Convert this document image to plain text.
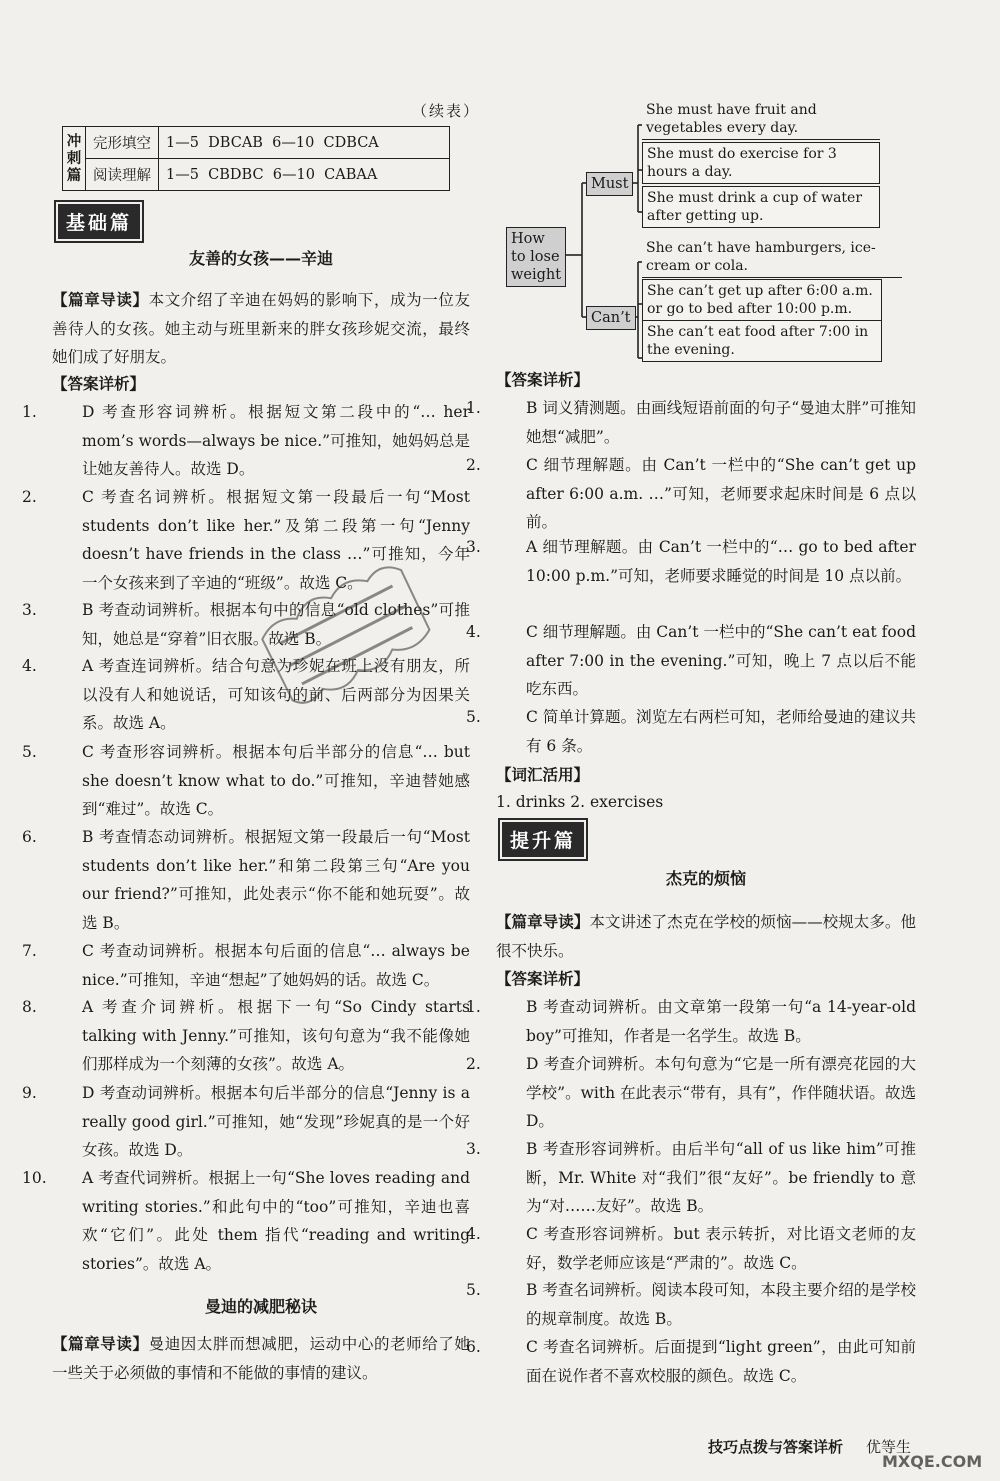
（续表）
冲刺篇	完形填空	1—5  DBCAB  6—10  CDBCA
	阅读理解	1—5  CBDBC  6—10  CABAA
基础篇
友善的女孩——辛迪
【篇章导读】本文介绍了辛迪在妈妈的影响下，成为一位友善待人的女孩。她主动与班里新来的胖女孩珍妮交流，最终她们成了好朋友。
【答案详析】
1.	D 考查形容词辨析。根据短文第二段中的“… her mom’s words—always be nice.”可推知，她妈妈总是让她友善待人。故选 D。
2.	C 考查名词辨析。根据短文第一段最后一句“Most students don’t like her.”及第二段第一句“Jenny doesn’t have friends in the class …”可推知，今年一个女孩来到了辛迪的“班级”。故选 C。
3.	B 考查动词辨析。根据本句中的信息“old clothes”可推知，她总是“穿着”旧衣服。故选 B。
4.	A 考查连词辨析。结合句意为珍妮在班上没有朋友，所以没有人和她说话，可知该句的前、后两部分为因果关系。故选 A。
5.	C 考查形容词辨析。根据本句后半部分的信息“… but she doesn’t know what to do.”可推知，辛迪替她感到“难过”。故选 C。
6.	B 考查情态动词辨析。根据短文第一段最后一句“Most students don’t like her.”和第二段第三句“Are you our friend?”可推知，此处表示“你不能和她玩耍”。故选 B。
7.	C 考查动词辨析。根据本句后面的信息“… always be nice.”可推知，辛迪“想起”了她妈妈的话。故选 C。
8.	A 考查介词辨析。根据下一句“So Cindy starts talking with Jenny.”可推知，该句句意为“我不能像她们那样成为一个刻薄的女孩”。故选 A。
9.	D 考查动词辨析。根据本句后半部分的信息“Jenny is a really good girl.”可推知，她“发现”珍妮真的是一个好女孩。故选 D。
10. A 考查代词辨析。根据上一句“She loves reading and writing stories.”和此句中的“too”可推知，辛迪也喜欢“它们”。此处 them 指代“reading and writing stories”。故选 A。
曼迪的减肥秘诀
【篇章导读】曼迪因太胖而想减肥，运动中心的老师给了她一些关于必须做的事情和不能做的事情的建议。
How to lose weight
Must
Can’t
She must have fruit and vegetables every day.
She must do exercise for 3 hours a day.
She must drink a cup of water after getting up.
She can’t have hamburgers, ice-cream or cola.
She can’t get up after 6:00 a.m. or go to bed after 10:00 p.m.
She can’t eat food after 7:00 in the evening.
【答案详析】
1.	B 词义猜测题。由画线短语前面的句子“曼迪太胖”可推知她想“减肥”。
2.	C 细节理解题。由 Can’t 一栏中的“She can’t get up after 6:00 a.m. …”可知，老师要求起床时间是 6 点以前。
3.	A 细节理解题。由 Can’t 一栏中的“… go to bed after 10:00 p.m.”可知，老师要求睡觉的时间是 10 点以前。
4.	C 细节理解题。由 Can’t 一栏中的“She can’t eat food after 7:00 in the evening.”可知，晚上 7 点以后不能吃东西。
5.	C 简单计算题。浏览左右两栏可知，老师给曼迪的建议共有 6 条。
【词汇活用】
1. drinks 2. exercises
提升篇
杰克的烦恼
【篇章导读】本文讲述了杰克在学校的烦恼——校规太多。他很不快乐。
【答案详析】
1.	B 考查动词辨析。由文章第一段第一句“a 14-year-old boy”可推知，作者是一名学生。故选 B。
2.	D 考查介词辨析。本句句意为“它是一所有漂亮花园的大学校”。with 在此表示“带有，具有”，作伴随状语。故选 D。
3.	B 考查形容词辨析。由后半句“all of us like him”可推断，Mr. White 对“我们”很“友好”。be friendly to 意为“对……友好”。故选 B。
4.	C 考查形容词辨析。but 表示转折，对比语文老师的友好，数学老师应该是“严肃的”。故选 C。
5.	B 考查名词辨析。阅读本段可知，本段主要介绍的是学校的规章制度。故选 B。
6.	C 考查名词辨析。后面提到“light green”，由此可知前面在说作者不喜欢校服的颜色。故选 C。
技巧点拨与答案详析 优等生
MXQE.COM
